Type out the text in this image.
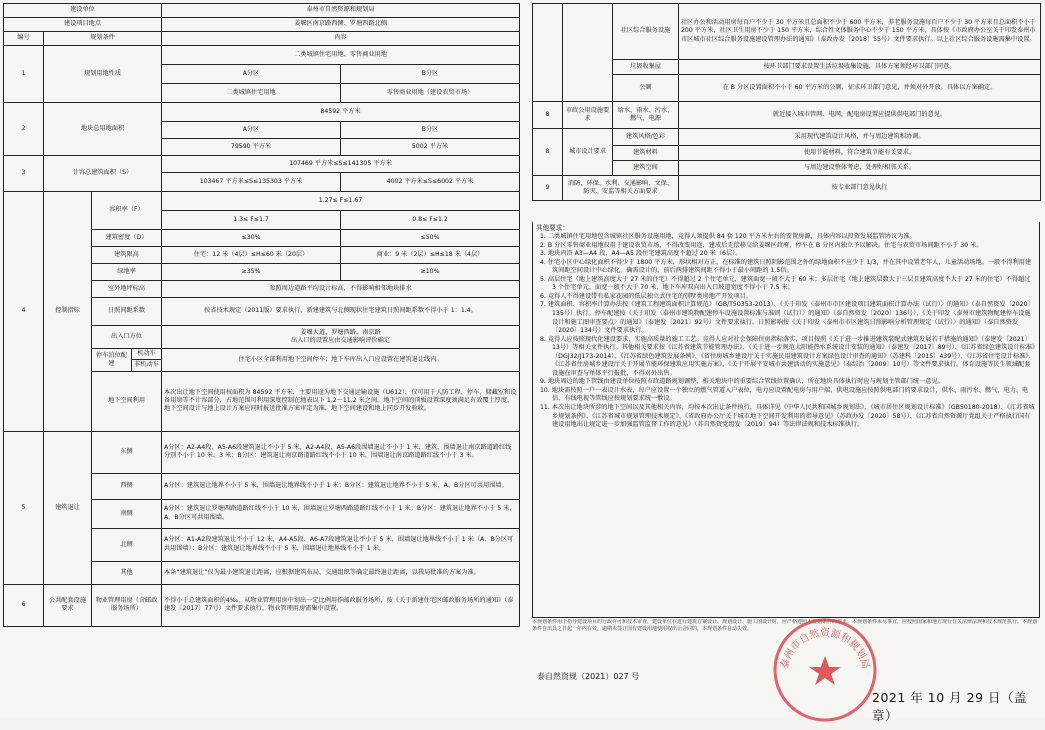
建设单位				泰州市自然资源和规划局	
建设项目地点				姜堰区南京路西侧、罗塘西路北侧	
编号	规划条件			内容	
1	规划用地性质			二类城镇住宅用地、零售商业用地	
				A分区	B分区
				二类城镇住宅用地	零售商业用地（建设农贸市场）
2	地块总用地面积			84592 平方米	
				A分区	B分区
				79590 平方米	5002 平方米
3	计容总建筑面积（S）			107469 平方米≤S≤141305 平方米	
				103467 平方米≤S≤135303 平方米	4002 平方米≤S≤6002 平方米
4	控制指标	容积率（F）		1.27≤ F≤1.67	
				1.3≤ F≤1.7	0.8≤ F≤1.2
		建筑密度（D）		≤30%	≤50%
		建筑限高		住宅：12 米（4层）≤H≤60 米（20层）	商业：9 米（2层）≤H≤18 米（4层）
		绿地率		≥35%	≥10%
		室外地坪标高		参照周边道路平均设计标高，不得影响相邻地块排水	
		日照间距系数		按省技术规定（2011版）要求执行，新建建筑与北侧现状住宅建筑日照间距系数不得小于 1：1.4。	
		出入口方位		姜堰大道、罗塘西路、南京路
出入口的设置应由交通影响评价确定	
		停车泊位配建	机动车	住宅小区全部利用地下空间停车；地下车库出入口应设置在建筑退让线内。	
			非机动车		
		地下空间利用		本次出让地下空间使用权面积为 84592 平方米，主要用途为地下交通运输设施（U612），仅可用于人防工程、停车、储藏室和设备用房等不计容部分，占地范围可利用深度控制在地表以下 1.2～11.2 米之间。地下空间的顶板设置深度须满足有效覆土厚度，地下空间设计与地上设计方案应同时报送批准方案审定为准，地下空间建设和地上同步开发验收。	

5	建筑退让	东侧		A分区：A2-A4段，A5-A6段建筑退让不小于 5 米，A2-A4段，A5-A6段围墙退让不小于 1 米，建筑、围墙退让南京路道路红线分别不小于 10 米、3 米；B分区：建筑退让南京路道路红线不小于 10 米，围墙退让南京路道路红线不小于 3 米。	
		西侧		A分区：建筑退让地界不小于 5 米，围墙退让地界线不小于 1 米；B分区：建筑退让地界不小于 5 米，A、B分区可共用围墙。	
		南侧		A分区：建筑退让罗塘西路道路红线不小于 10 米，围墙退让罗塘西路道路红线不小于 1 米；B分区：建筑退让地界不小于 5 米，A、B分区可共用围墙。	
		北侧		A分区：A1-A2段建筑退让不小于 12 米，A4-A5段、A6-A7段建筑退让不小于 5 米，围墙退让地界线不小于 1 米（A、B分区可共用围墙）；B分区：建筑退让地界线不小于 5 米，围墙退让地界线不小于 1 米。	
		其他		本条“建筑退让”仅为最小建筑退让距离，应根据建筑布局、交通组织等确定最终退让距离，以我局批准的方案为准。	
6	公共配套设施要求	物业管理用房（含邮政服务场所）		不得小于总建筑面积的4‰，从物业管理用房中划出一定比例用作邮政服务场所，按《关于新建住宅区邮政服务场所的通知》（泰建发〔2017〕77号）文件要求执行，物业管理用房需集中设置。	
		社区综合服务设施	社区办公和活动用房每百户不少于 30 平方米且总面积不少于 600 平方米，养老服务设施每百户不少于 30 平方米且总面积不小于 200 平方米，社区卫生用房不少于 150 平方米，综合性文体服务中心不少于 150 平方米，具体按《市政府办公室关于印发泰州市市区城市社区综合服务设施建设管理办法的通知》（泰政办发〔2018〕55号）文件要求执行。以上社区综合服务设施需集中设置。
		垃圾收集屋	按环卫部门要求设置生活垃圾收集设施，具体方案须经环卫部门同意。
		公厕	在 B 分区设置面积不小于 60 平方米的公厕，征求环卫部门意见，并须对外开放。具体以方案确定。
8	市政公用设施要求	给水、雨水、污水、燃气、电源	就近接入城市管网、电网，配电房设置应提供供电部门的意见。
8	城市设计要求	建筑风格/色彩	采用现代建筑设计风格，并与周边建筑相协调。
		建筑材料	使用节能材料，符合建筑节能有关要求。
		建筑空间	与周边建设整体考虑，处理好相邻关系。
9	消防、环保、水利、交通影响、文保、防灾、安监等相关方面要求		按专业部门意见执行
其他要求：

1. 二类城镇住宅用地包含城镇社区服务设施用地，竞得人须提供 84 套 120 平方米左右的安置房源，具体内容以投资发展监管协议为准。

2. B 分区零售商业用地仅用于建设农贸市场，不得改变用途，建成后无偿移交给姜堰区政府，停车在 B 分区内独立予以解决。住宅与农贸市场间距不小于 30 米。

3. 地块内沿 A3—A4 段、A4—A5 段住宅建筑高度不超过 20 米（6层）。

4. 住宅小区中心绿化面积不得少于 1800 平方米，形状相对方正，在标准的建筑日照阴影范围之外的绿地面积不应少于 1/3，并在其中设置老年人、儿童活动场地。一般不得利用建筑间距空间设计中心绿化，确需设计的，前后两排建筑间距不得小于最小间距的 1.5倍。

5. 高层住宅（地上建筑高度大于 27 米的住宅）不得超过 2 个住宅单元，建筑面宽一般不大于 60 米；多层住宅（地上建筑层数大于三层且建筑高度不大于 27 米的住宅）不得超过 3 个住宅单元，面宽一般不大于 70 米，地下车库双向出入口坡道宽度不得小于 7.5 米。

6. 竞得人不得建设带有私家花园的低层独立式住宅的别墅类房地产开发项目。

7. 建筑面积、容积率计算办法按《建筑工程建筑面积计算规范》（GB/T50353-2013）、《关于印发〈泰州市市区建设项目建筑面积计算办法（试行）〉的通知》（泰自然资发〔2020〕135号）执行。停车配建按《关于印发〈泰州市建筑物配建停车设施设置标准与准则（试行）〉的通知》（泰自然资发〔2020〕136号）、《关于印发〈泰州市建筑物配建停车设施设计和施工图审查要点〉的通知》（泰建发〔2021〕92号）文件要求执行。日照影响按《关于印发〈泰州市市区建筑日照影响分析管理规定（试行）〉的通知》（泰自然资发〔2020〕134号）文件要求执行。

8. 竞得人应按照现代化建设要求，实施高质量的施工工艺。竞得人应对社会保障住房指标落实，项目按照《关于进一步推进建筑装配式建筑发展若干措施的通知》（泰建发〔2021〕13号）等相关文件执行。其他相关要求按《江苏省建筑节能管理办法》、《关于进一步规范太阳能热水系统设计安装的通知》（泰建发〔2017〕89号）、《江苏省绿色建筑设计标准》（DGJ32/J173-2014）、《江苏省绿色建筑发展条例》、《省住房城乡建设厅关于实施民用建筑设计方案绿色设计审查的通知》（苏建科〔2015〕439号）、《江苏省住宅设计标准》、《江苏省住房城乡建设厅关于开展节能环保建筑应用实施方案》、《关于开展平安城市共建活动的实施意见》（泰综治〔2009〕10号）等文件要求执行。体育设施等民生领域配套设施在审查与单体平行报批，不得对外出售。

9. 地块周边的地下管线由建设单位按照市政道路规划调整，相关地块中的重要综合管线位置确认，所在地块具体执行时应与规划主管部门统一意见。

10. 地块需按照一户一表设计水表，每户应设置一个独立的燃气管道入户表位，电力应设置配电房与用户端，供电设施应按照供电部门的要求设计，供水、雨污水、燃气、电力、电信、有线电视等管线应按规划要求统一敷设。

11. 本次出让地块所涉的地下空间以及其他相关内容，均按本次出让条件执行，具体详见《中华人民共和国城乡规划法》、《城市居住区规划设计标准》（GB50180-2018）、《江苏省城乡规划条例》、《江苏省城市规划管理技术规定》、《省政府办公厅关于城市地下空间开发利用的指导意见》（苏政办发〔2020〕58号）、《江苏省自然资源厅党组关于严格执行国有建设用地出让规定进一步加强监管监督工作的意见》（苏自然资党组发〔2019〕94）等法律法规和技术标准执行。

本规划条件用于指导建设项目的行政许可和技术审查，建设单位在进行建筑方案设计、规划设计、施工图设计时，应严格遵照本规划条件的要求。本规划条件未尽事宜，应按照国家和地方现行有关法律法规和技术规范执行。本规划条件自出具之日起一年内有效，逾期未签订国有建设用地使用权出让合同的，本规划条件自动失效。
泰自然资规（2021）027 号
泰州市自然资源和规划局
2021 年 10 月 29 日（盖章）
